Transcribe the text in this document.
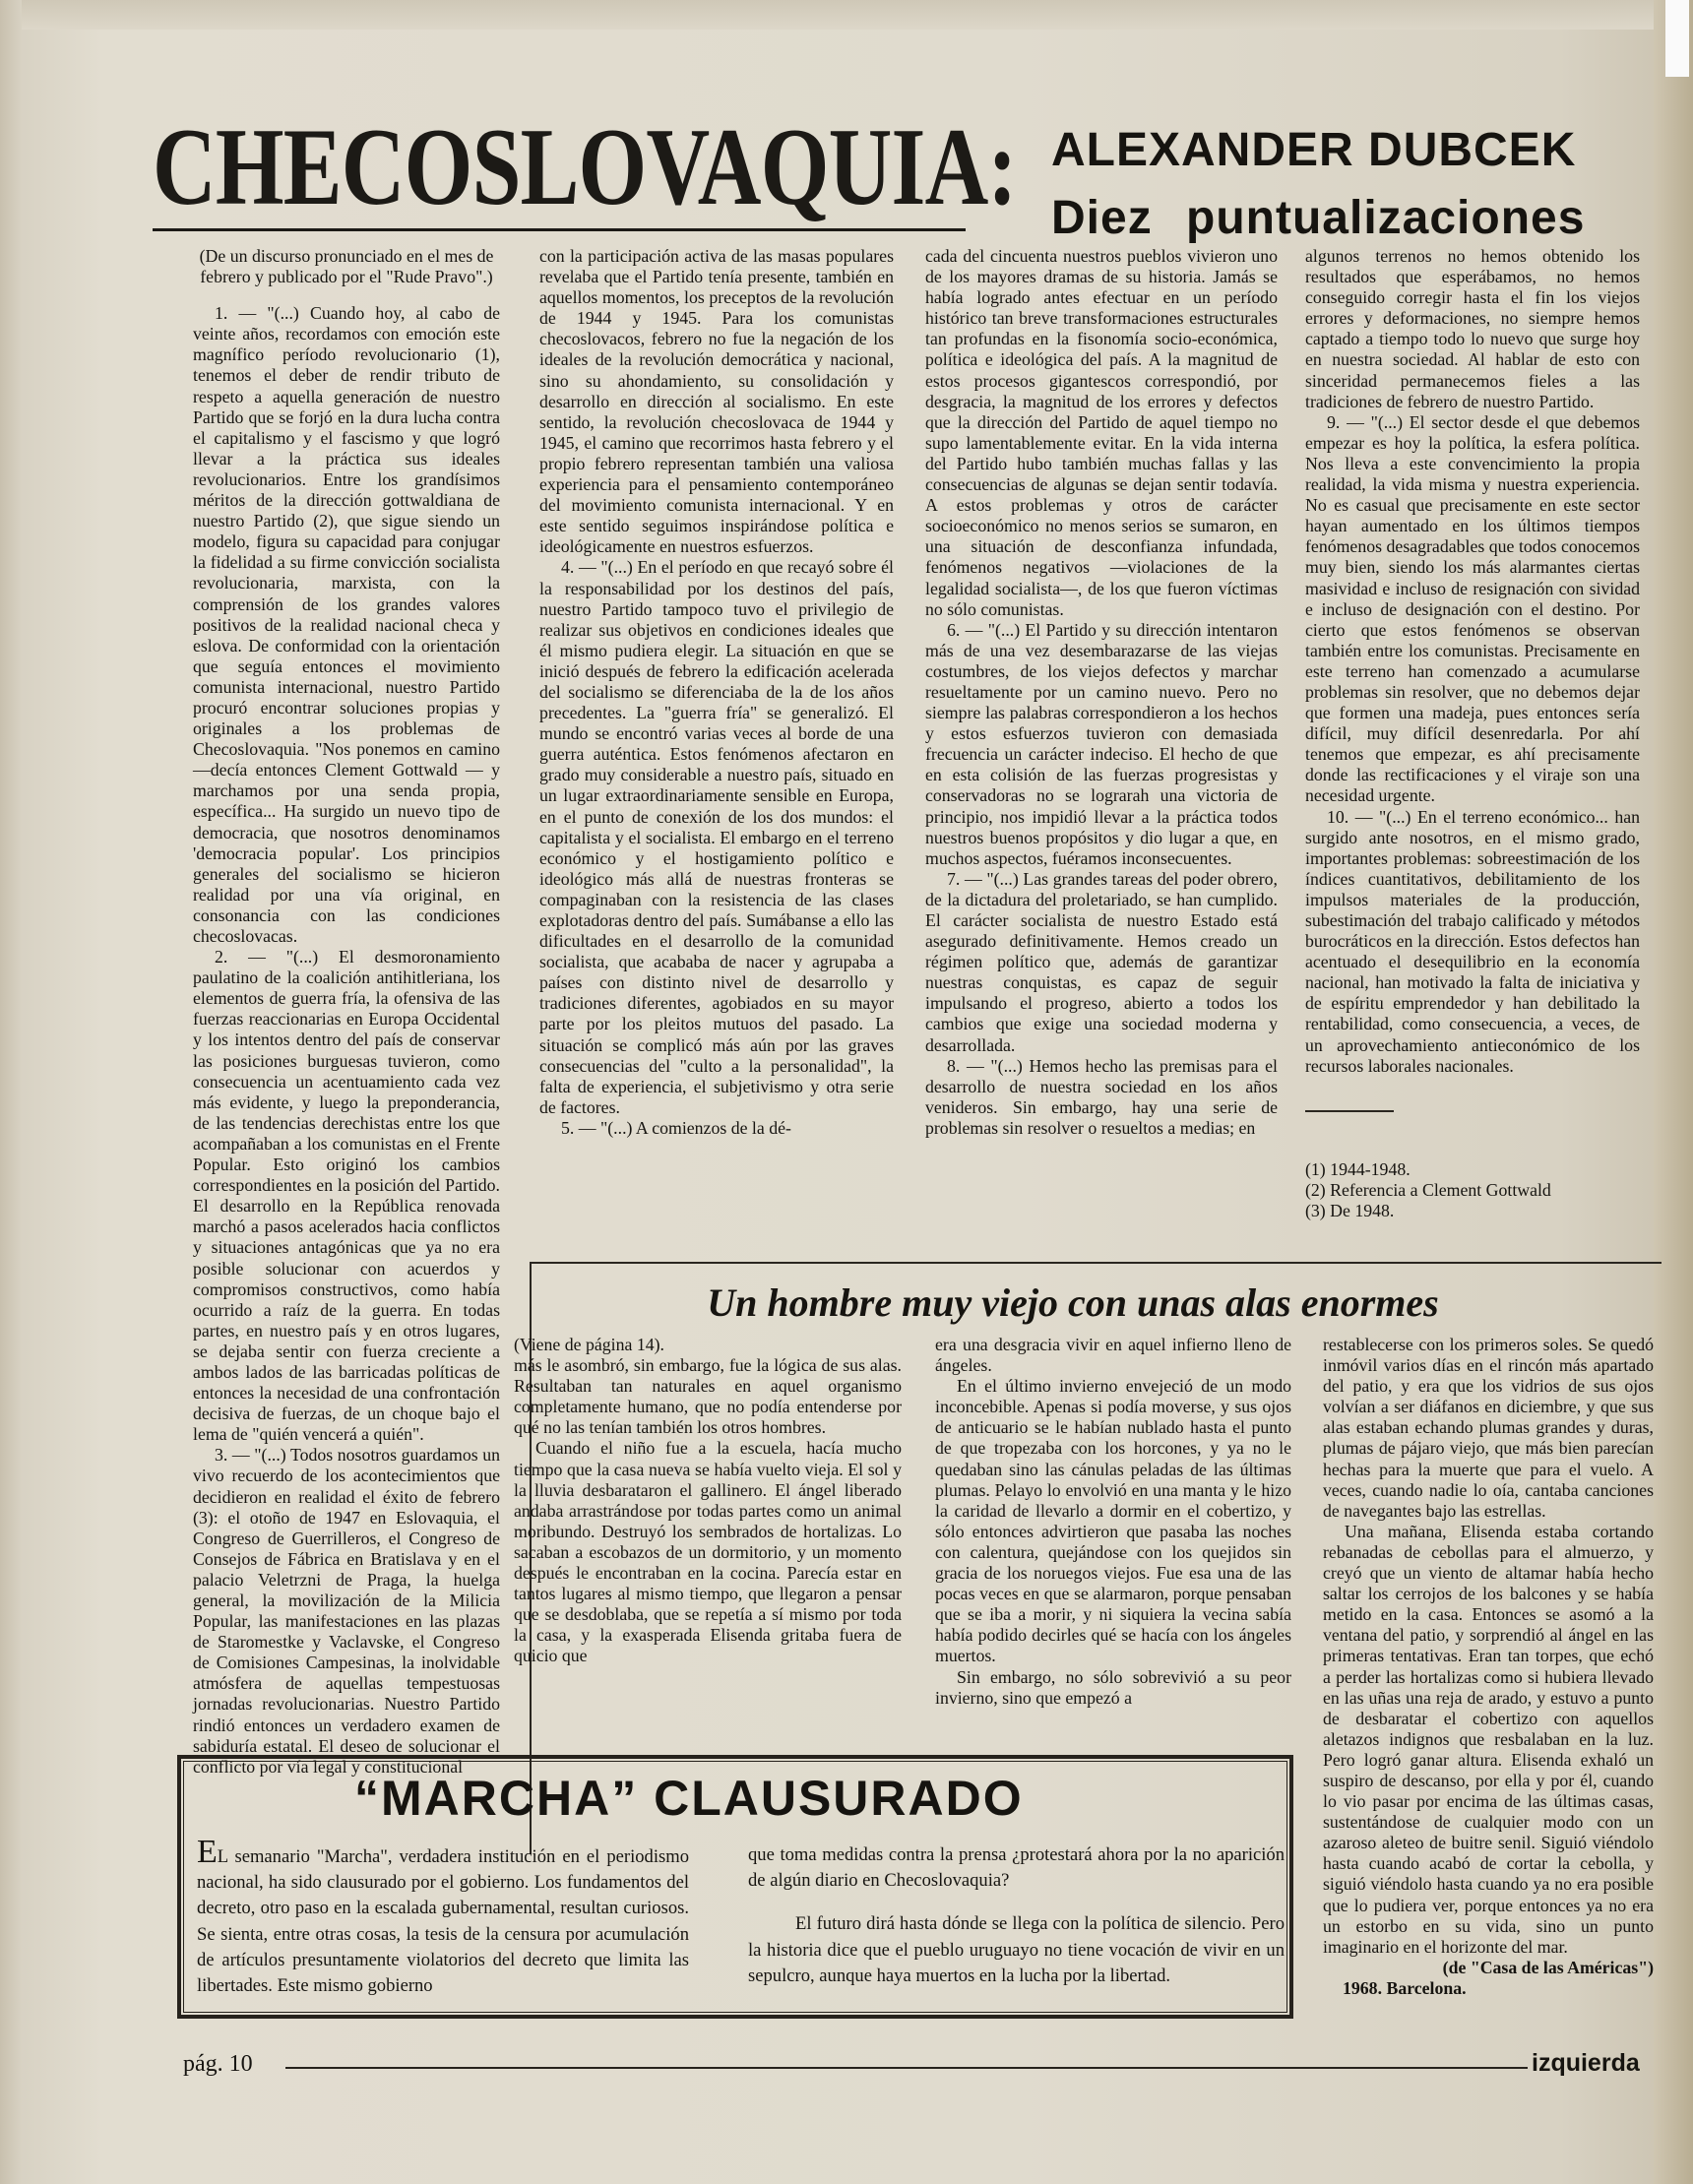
CHECOSLOVAQUIA: ALEXANDER DUBCEK
Diez puntualizaciones

(De un discurso pronunciado en el mes de febrero y publicado por el "Rude Pravo".)

1. — "(...) Cuando hoy, al cabo de veinte años, recordamos con emoción este magnífico período revolucionario (1), tenemos el deber de rendir tributo de respeto a aquella generación de nuestro Partido que se forjó en la dura lucha contra el capitalismo y el fascismo y que logró llevar a la práctica sus ideales revolucionarios. Entre los grandísimos méritos de la dirección gottwaldiana de nuestro Partido (2), que sigue siendo un modelo, figura su capacidad para conjugar la fidelidad a su firme convicción socialista revolucionaria, marxista, con la comprensión de los grandes valores positivos de la realidad nacional checa y eslova. De conformidad con la orientación que seguía entonces el movimiento comunista internacional, nuestro Partido procuró encontrar soluciones propias y originales a los problemas de Checoslovaquia. "Nos ponemos en camino —decía entonces Clement Gottwald — y marchamos por una senda propia, específica... Ha surgido un nuevo tipo de democracia, que nosotros denominamos 'democracia popular'. Los principios generales del socialismo se hicieron realidad por una vía original, en consonancia con las condiciones checoslovacas.

2. — "(...) El desmoronamiento paulatino de la coalición antihitleriana, los elementos de guerra fría, la ofensiva de las fuerzas reaccionarias en Europa Occidental y los intentos dentro del país de conservar las posiciones burguesas tuvieron, como consecuencia un acentuamiento cada vez más evidente, y luego la preponderancia, de las tendencias derechistas entre los que acompañaban a los comunistas en el Frente Popular. Esto originó los cambios correspondientes en la posición del Partido. El desarrollo en la República renovada marchó a pasos acelerados hacia conflictos y situaciones antagónicas que ya no era posible solucionar con acuerdos y compromisos constructivos, como había ocurrido a raíz de la guerra. En todas partes, en nuestro país y en otros lugares, se dejaba sentir con fuerza creciente a ambos lados de las barricadas políticas de entonces la necesidad de una confrontación decisiva de fuerzas, de un choque bajo el lema de "quién vencerá a quién".

3. — "(...) Todos nosotros guardamos un vivo recuerdo de los acontecimientos que decidieron en realidad el éxito de febrero (3): el otoño de 1947 en Eslovaquia, el Congreso de Guerrilleros, el Congreso de Consejos de Fábrica en Bratislava y en el palacio Veletrzni de Praga, la huelga general, la movilización de la Milicia Popular, las manifestaciones en las plazas de Staromestke y Vaclavske, el Congreso de Comisiones Campesinas, la inolvidable atmósfera de aquellas tempestuosas jornadas revolucionarias. Nuestro Partido rindió entonces un verdadero examen de sabiduría estatal. El deseo de solucionar el conflicto por vía legal y constitucional

con la participación activa de las masas populares revelaba que el Partido tenía presente, también en aquellos momentos, los preceptos de la revolución de 1944 y 1945. Para los comunistas checoslovacos, febrero no fue la negación de los ideales de la revolución democrática y nacional, sino su ahondamiento, su consolidación y desarrollo en dirección al socialismo. En este sentido, la revolución checoslovaca de 1944 y 1945, el camino que recorrimos hasta febrero y el propio febrero representan también una valiosa experiencia para el pensamiento contemporáneo del movimiento comunista internacional. Y en este sentido seguimos inspirándose política e ideológicamente en nuestros esfuerzos.

4. — "(...) En el período en que recayó sobre él la responsabilidad por los destinos del país, nuestro Partido tampoco tuvo el privilegio de realizar sus objetivos en condiciones ideales que él mismo pudiera elegir. La situación en que se inició después de febrero la edificación acelerada del socialismo se diferenciaba de la de los años precedentes. La "guerra fría" se generalizó. El mundo se encontró varias veces al borde de una guerra auténtica. Estos fenómenos afectaron en grado muy considerable a nuestro país, situado en un lugar extraordinariamente sensible en Europa, en el punto de conexión de los dos mundos: el capitalista y el socialista. El embargo en el terreno económico y el hostigamiento político e ideológico más allá de nuestras fronteras se compaginaban con la resistencia de las clases explotadoras dentro del país. Sumábanse a ello las dificultades en el desarrollo de la comunidad socialista, que acababa de nacer y agrupaba a países con distinto nivel de desarrollo y tradiciones diferentes, agobiados en su mayor parte por los pleitos mutuos del pasado. La situación se complicó más aún por las graves consecuencias del "culto a la personalidad", la falta de experiencia, el subjetivismo y otra serie de factores.

5. — "(...) A comienzos de la dé-

cada del cincuenta nuestros pueblos vivieron uno de los mayores dramas de su historia. Jamás se había logrado antes efectuar en un período histórico tan breve transformaciones estructurales tan profundas en la fisonomía socio-económica, política e ideológica del país. A la magnitud de estos procesos gigantescos correspondió, por desgracia, la magnitud de los errores y defectos que la dirección del Partido de aquel tiempo no supo lamentablemente evitar. En la vida interna del Partido hubo también muchas fallas y las consecuencias de algunas se dejan sentir todavía. A estos problemas y otros de carácter socioeconómico no menos serios se sumaron, en una situación de desconfianza infundada, fenómenos negativos —violaciones de la legalidad socialista—, de los que fueron víctimas no sólo comunistas.

6. — "(...) El Partido y su dirección intentaron más de una vez desembarazarse de las viejas costumbres, de los viejos defectos y marchar resueltamente por un camino nuevo. Pero no siempre las palabras correspondieron a los hechos y estos esfuerzos tuvieron con demasiada frecuencia un carácter indeciso. El hecho de que en esta colisión de las fuerzas progresistas y conservadoras no se lograrah una victoria de principio, nos impidió llevar a la práctica todos nuestros buenos propósitos y dio lugar a que, en muchos aspectos, fuéramos inconsecuentes.

7. — "(...) Las grandes tareas del poder obrero, de la dictadura del proletariado, se han cumplido. El carácter socialista de nuestro Estado está asegurado definitivamente. Hemos creado un régimen político que, además de garantizar nuestras conquistas, es capaz de seguir impulsando el progreso, abierto a todos los cambios que exige una sociedad moderna y desarrollada.

8. — "(...) Hemos hecho las premisas para el desarrollo de nuestra sociedad en los años venideros. Sin embargo, hay una serie de problemas sin resolver o resueltos a medias; en

algunos terrenos no hemos obtenido los resultados que esperábamos, no hemos conseguido corregir hasta el fin los viejos errores y deformaciones, no siempre hemos captado a tiempo todo lo nuevo que surge hoy en nuestra sociedad. Al hablar de esto con sinceridad permanecemos fieles a las tradiciones de febrero de nuestro Partido.

9. — "(...) El sector desde el que debemos empezar es hoy la política, la esfera política. Nos lleva a este convencimiento la propia realidad, la vida misma y nuestra experiencia. No es casual que precisamente en este sector hayan aumentado en los últimos tiempos fenómenos desagradables que todos conocemos muy bien, siendo los más alarmantes ciertas masividad e incluso de resignación con sividad e incluso de designación con el destino. Por cierto que estos fenómenos se observan también entre los comunistas. Precisamente en este terreno han comenzado a acumularse problemas sin resolver, que no debemos dejar que formen una madeja, pues entonces sería difícil, muy difícil desenredarla. Por ahí tenemos que empezar, es ahí precisamente donde las rectificaciones y el viraje son una necesidad urgente.

10. — "(...) En el terreno económico... han surgido ante nosotros, en el mismo grado, importantes problemas: sobreestimación de los índices cuantitativos, debilitamiento de los impulsos materiales de la producción, subestimación del trabajo calificado y métodos burocráticos en la dirección. Estos defectos han acentuado el desequilibrio en la economía nacional, han motivado la falta de iniciativa y de espíritu emprendedor y han debilitado la rentabilidad, como consecuencia, a veces, de un aprovechamiento antieconómico de los recursos laborales nacionales.

(1) 1944-1948.

(2) Referencia a Clement Gottwald

(3) De 1948.

Un hombre muy viejo con unas alas enormes

(Viene de página 14).

más le asombró, sin embargo, fue la lógica de sus alas. Resultaban tan naturales en aquel organismo completamente humano, que no podía entenderse por qué no las tenían también los otros hombres.

Cuando el niño fue a la escuela, hacía mucho tiempo que la casa nueva se había vuelto vieja. El sol y la lluvia desbarataron el gallinero. El ángel liberado andaba arrastrándose por todas partes como un animal moribundo. Destruyó los sembrados de hortalizas. Lo sacaban a escobazos de un dormitorio, y un momento después le encontraban en la cocina. Parecía estar en tantos lugares al mismo tiempo, que llegaron a pensar que se desdoblaba, que se repetía a sí mismo por toda la casa, y la exasperada Elisenda gritaba fuera de quicio que

era una desgracia vivir en aquel infierno lleno de ángeles.

En el último invierno envejeció de un modo inconcebible. Apenas si podía moverse, y sus ojos de anticuario se le habían nublado hasta el punto de que tropezaba con los horcones, y ya no le quedaban sino las cánulas peladas de las últimas plumas. Pelayo lo envolvió en una manta y le hizo la caridad de llevarlo a dormir en el cobertizo, y sólo entonces advirtieron que pasaba las noches con calentura, quejándose con los quejidos sin gracia de los noruegos viejos. Fue esa una de las pocas veces en que se alarmaron, porque pensaban que se iba a morir, y ni siquiera la vecina sabía había podido decirles qué se hacía con los ángeles muertos.

Sin embargo, no sólo sobrevivió a su peor invierno, sino que empezó a

restablecerse con los primeros soles. Se quedó inmóvil varios días en el rincón más apartado del patio, y era que los vidrios de sus ojos volvían a ser diáfanos en diciembre, y que sus alas estaban echando plumas grandes y duras, plumas de pájaro viejo, que más bien parecían hechas para la muerte que para el vuelo. A veces, cuando nadie lo oía, cantaba canciones de navegantes bajo las estrellas.

Una mañana, Elisenda estaba cortando rebanadas de cebollas para el almuerzo, y creyó que un viento de altamar había hecho saltar los cerrojos de los balcones y se había metido en la casa. Entonces se asomó a la ventana del patio, y sorprendió al ángel en las primeras tentativas. Eran tan torpes, que echó a perder las hortalizas como si hubiera llevado en las uñas una reja de arado, y estuvo a punto de desbaratar el cobertizo con aquellos aletazos indignos que resbalaban en la luz. Pero logró ganar altura. Elisenda exhaló un suspiro de descanso, por ella y por él, cuando lo vio pasar por encima de las últimas casas, sustentándose de cualquier modo con un azaroso aleteo de buitre senil. Siguió viéndolo hasta cuando acabó de cortar la cebolla, y siguió viéndolo hasta cuando ya no era posible que lo pudiera ver, porque entonces ya no era un estorbo en su vida, sino un punto imaginario en el horizonte del mar.

(de "Casa de las Américas")

1968. Barcelona.

“MARCHA” CLAUSURADO

EL semanario "Marcha", verdadera institución en el periodismo nacional, ha sido clausurado por el gobierno. Los fundamentos del decreto, otro paso en la escalada gubernamental, resultan curiosos. Se sienta, entre otras cosas, la tesis de la censura por acumulación de artículos presuntamente violatorios del decreto que limita las libertades. Este mismo gobierno

que toma medidas contra la prensa ¿protestará ahora por la no aparición de algún diario en Checoslovaquia?

El futuro dirá hasta dónde se llega con la política de silencio. Pero la historia dice que el pueblo uruguayo no tiene vocación de vivir en un sepulcro, aunque haya muertos en la lucha por la libertad.

pág. 10	izquierda
